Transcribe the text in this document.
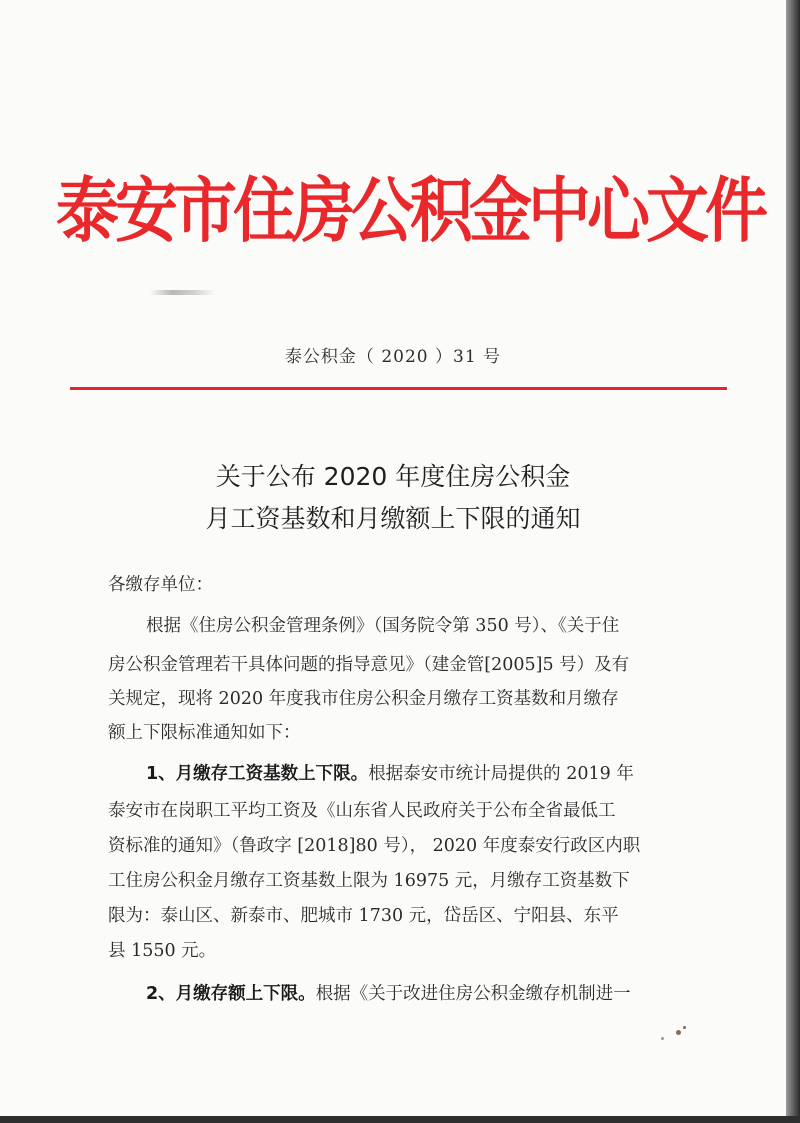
泰安市住房公积金中心文件
泰公积金（ 2020 ）31 号
关于公布 2020 年度住房公积金
月工资基数和月缴额上下限的通知
各缴存单位：
根据《住房公积金管理条例》（国务院令第 350 号）、《关于住
房公积金管理若干具体问题的指导意见》（建金管[2005]5 号）及有
关规定，现将 2020 年度我市住房公积金月缴存工资基数和月缴存
额上下限标准通知如下：
1、月缴存工资基数上下限。根据泰安市统计局提供的 2019 年
泰安市在岗职工平均工资及《山东省人民政府关于公布全省最低工
资标准的通知》（鲁政字 [2018]80 号）， 2020 年度泰安行政区内职
工住房公积金月缴存工资基数上限为 16975 元，月缴存工资基数下
限为：泰山区、新泰市、肥城市 1730 元，岱岳区、宁阳县、东平
县 1550 元。
2、月缴存额上下限。根据《关于改进住房公积金缴存机制进一
